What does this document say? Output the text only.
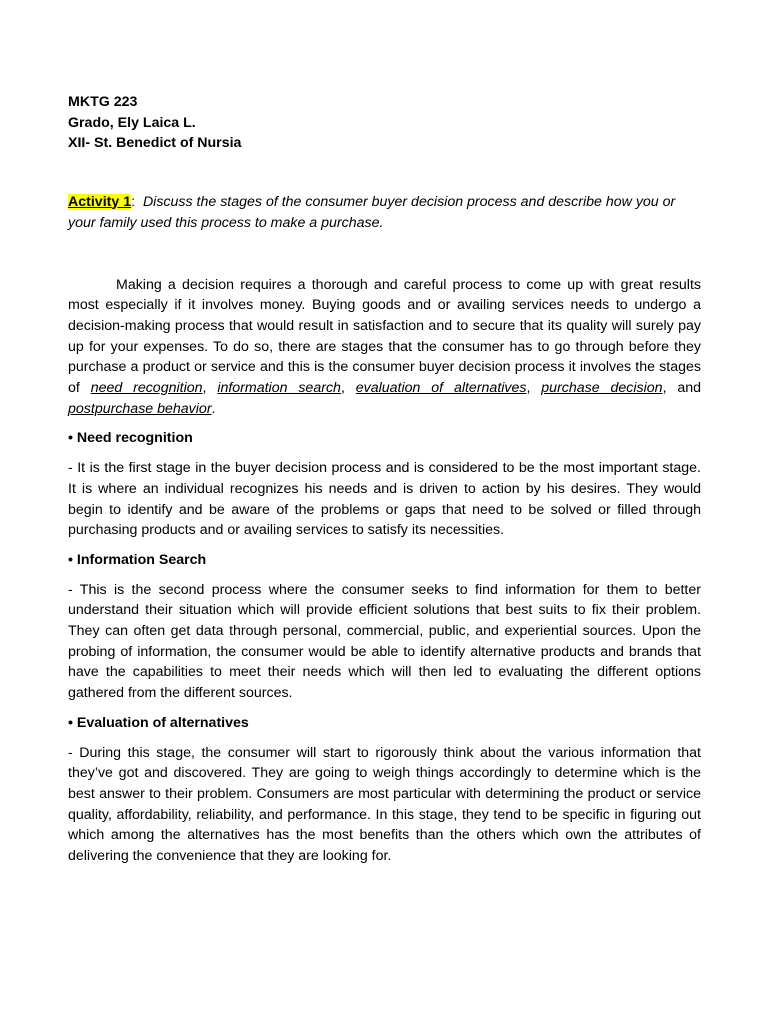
MKTG 223

Grado, Ely Laica L.

XII- St. Benedict of Nursia

Activity 1: Discuss the stages of the consumer buyer decision process and describe how you or your family used this process to make a purchase.

Making a decision requires a thorough and careful process to come up with great results most especially if it involves money. Buying goods and or availing services needs to undergo a decision-making process that would result in satisfaction and to secure that its quality will surely pay up for your expenses. To do so, there are stages that the consumer has to go through before they purchase a product or service and this is the consumer buyer decision process it involves the stages of need recognition, information search, evaluation of alternatives, purchase decision, and postpurchase behavior.

• Need recognition

- It is the first stage in the buyer decision process and is considered to be the most important stage. It is where an individual recognizes his needs and is driven to action by his desires. They would begin to identify and be aware of the problems or gaps that need to be solved or filled through purchasing products and or availing services to satisfy its necessities.

• Information Search

- This is the second process where the consumer seeks to find information for them to better understand their situation which will provide efficient solutions that best suits to fix their problem. They can often get data through personal, commercial, public, and experiential sources. Upon the probing of information, the consumer would be able to identify alternative products and brands that have the capabilities to meet their needs which will then led to evaluating the different options gathered from the different sources.

• Evaluation of alternatives

- During this stage, the consumer will start to rigorously think about the various information that they’ve got and discovered. They are going to weigh things accordingly to determine which is the best answer to their problem. Consumers are most particular with determining the product or service quality, affordability, reliability, and performance. In this stage, they tend to be specific in figuring out which among the alternatives has the most benefits than the others which own the attributes of delivering the convenience that they are looking for.
